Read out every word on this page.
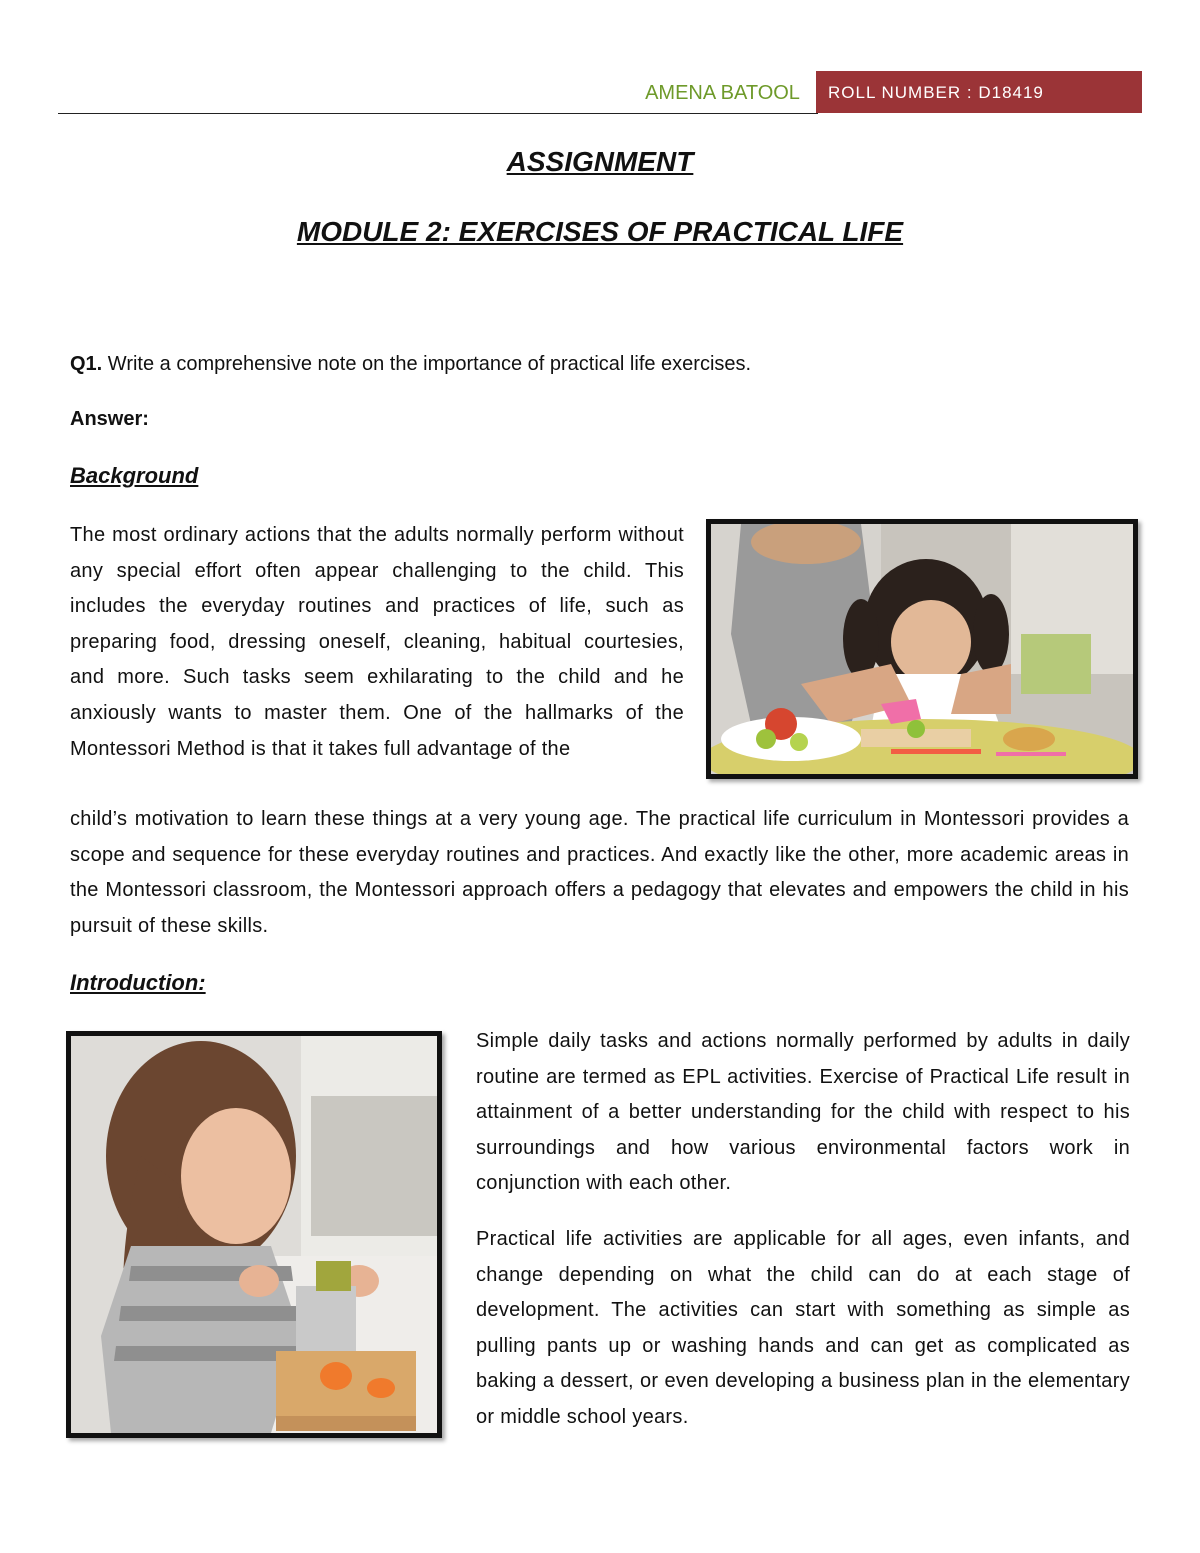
AMENA BATOOL	ROLL NUMBER : D18419
ASSIGNMENT
MODULE 2: EXERCISES OF PRACTICAL LIFE
Q1. Write a comprehensive note on the importance of practical life exercises.
Answer:
Background
The most ordinary actions that the adults normally perform without any special effort often appear challenging to the child. This includes the everyday routines and practices of life, such as preparing food, dressing oneself, cleaning, habitual courtesies, and more. Such tasks seem exhilarating to the child and he anxiously wants to master them. One of the hallmarks of the Montessori Method is that it takes full advantage of the
child’s motivation to learn these things at a very young age. The practical life curriculum in Montessori provides a scope and sequence for these everyday routines and practices. And exactly like the other, more academic areas in the Montessori classroom, the Montessori approach offers a pedagogy that elevates and empowers the child in his pursuit of these skills.
Introduction:
Simple daily tasks and actions normally performed by adults in daily routine are termed as EPL activities. Exercise of Practical Life result in attainment of a better understanding for the child with respect to his surroundings and how various environmental factors work in conjunction with each other.
Practical life activities are applicable for all ages, even infants, and change depending on what the child can do at each stage of development. The activities can start with something as simple as pulling pants up or washing hands and can get as complicated as baking a dessert, or even developing a business plan in the elementary or middle school years.
